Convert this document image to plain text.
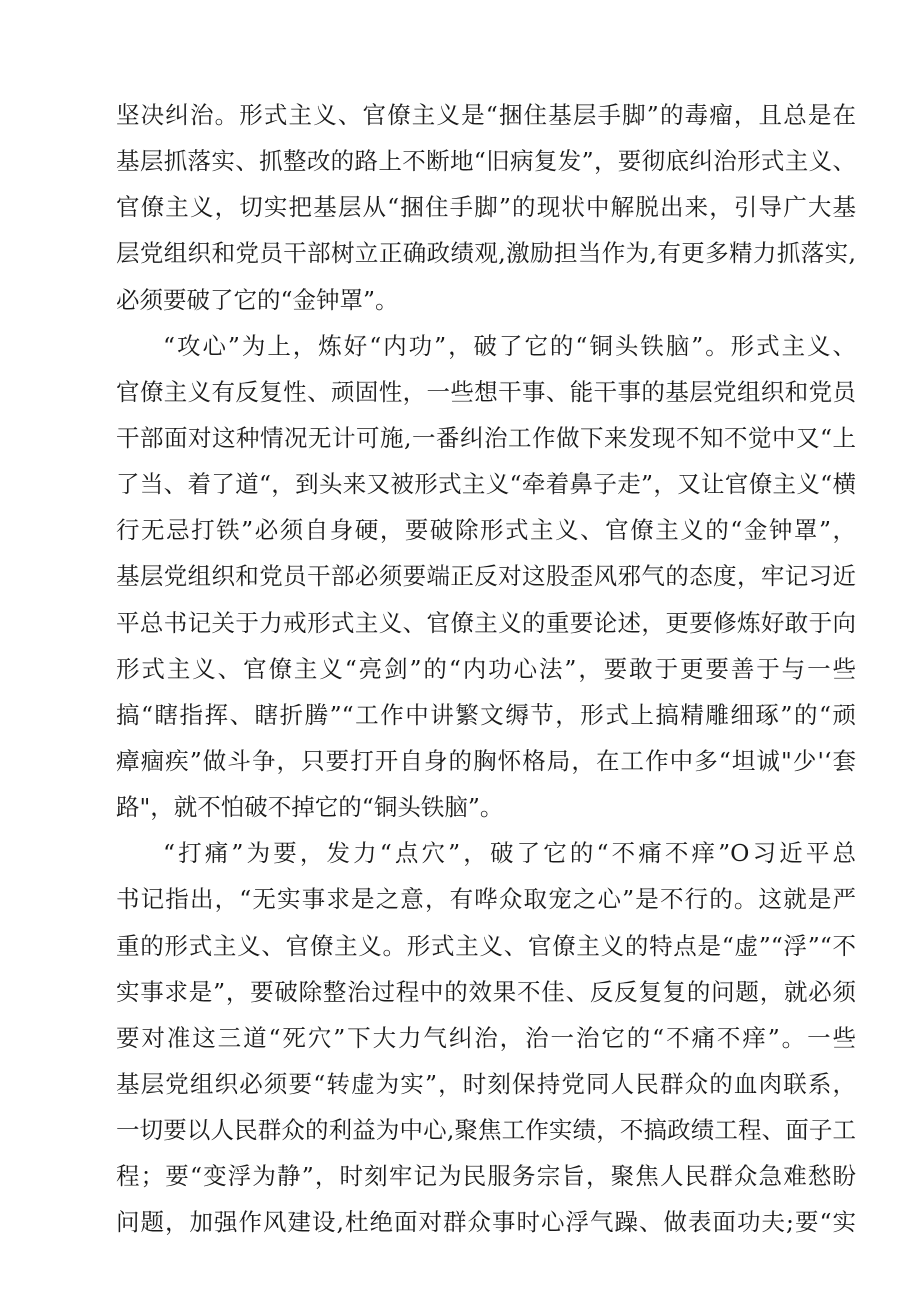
坚决纠治。形式主义、官僚主义是“捆住基层手脚”的毒瘤，且总是在
基层抓落实、抓整改的路上不断地“旧病复发”，要彻底纠治形式主义、
官僚主义，切实把基层从“捆住手脚”的现状中解脱出来，引导广大基
层党组织和党员干部树立正确政绩观,激励担当作为,有更多精力抓落实,
必须要破了它的“金钟罩”。
“攻心”为上，炼好“内功”，破了它的“铜头铁脑”。形式主义、
官僚主义有反复性、顽固性，一些想干事、能干事的基层党组织和党员
干部面对这种情况无计可施,一番纠治工作做下来发现不知不觉中又“上
了当、着了道“，到头来又被形式主义“牵着鼻子走”，又让官僚主义“横
行无忌打铁”必须自身硬，要破除形式主义、官僚主义的“金钟罩”，
基层党组织和党员干部必须要端正反对这股歪风邪气的态度，牢记习近
平总书记关于力戒形式主义、官僚主义的重要论述，更要修炼好敢于向
形式主义、官僚主义“亮剑”的“内功心法”，要敢于更要善于与一些
搞“瞎指挥、瞎折腾”“工作中讲繁文缛节，形式上搞精雕细琢”的“顽
瘴痼疾”做斗争，只要打开自身的胸怀格局，在工作中多“坦诚"少'‘套
路"，就不怕破不掉它的“铜头铁脑”。
“打痛”为要，发力“点穴”，破了它的“不痛不痒”O习近平总
书记指出，“无实事求是之意，有哗众取宠之心”是不行的。这就是严
重的形式主义、官僚主义。形式主义、官僚主义的特点是“虚”“浮”“不
实事求是”，要破除整治过程中的效果不佳、反反复复的问题，就必须
要对准这三道“死穴”下大力气纠治，治一治它的“不痛不痒”。一些
基层党组织必须要“转虚为实”，时刻保持党同人民群众的血肉联系，
一切要以人民群众的利益为中心,聚焦工作实绩，不搞政绩工程、面子工
程；要“变浮为静”，时刻牢记为民服务宗旨，聚焦人民群众急难愁盼
问题，加强作风建设,杜绝面对群众事时心浮气躁、做表面功夫;要“实
